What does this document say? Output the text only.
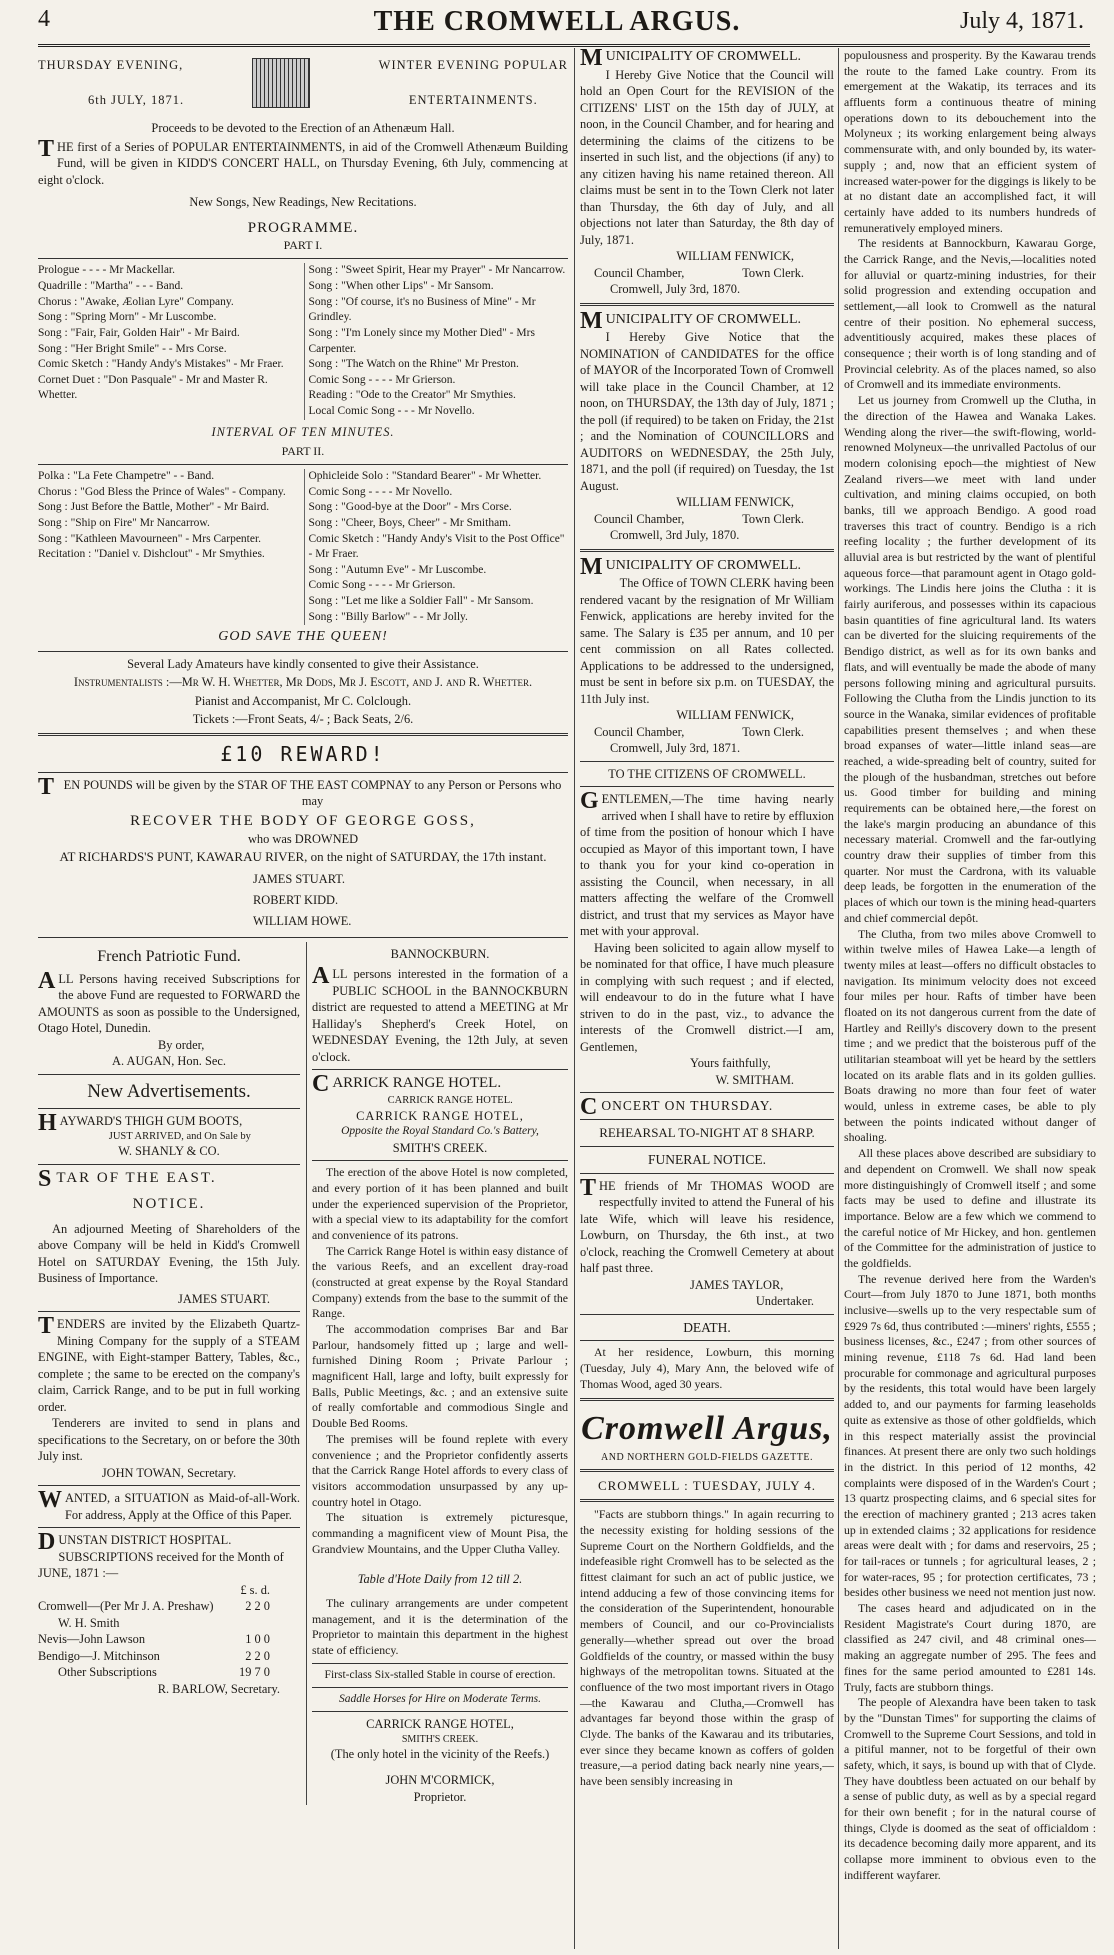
4	THE CROMWELL ARGUS.	July 4, 1871.
THURSDAY EVENING,
6th JULY, 1871.
WINTER EVENING POPULAR
ENTERTAINMENTS.
Proceeds to be devoted to the Erection of an Athenæum Hall.
THE first of a Series of POPULAR ENTERTAINMENTS, in aid of the Cromwell Athenæum Building Fund, will be given in KIDD'S CONCERT HALL, on Thursday Evening, 6th July, commencing at eight o'clock.
New Songs, New Readings, New Recitations.
PROGRAMME.
PART I.
Prologue - - - - Mr Mackellar.
Quadrille : "Martha" - - - Band.
Chorus : "Awake, Æolian Lyre" Company.
Song : "Spring Morn" - Mr Luscombe.
Song : "Fair, Fair, Golden Hair" - Mr Baird.
Song : "Her Bright Smile" - - Mrs Corse.
Comic Sketch : "Handy Andy's Mistakes" - Mr Fraer.
Cornet Duet : "Don Pasquale" - Mr and Master R. Whetter.
Song : "Sweet Spirit, Hear my Prayer" - Mr Nancarrow.
Song : "When other Lips" - Mr Sansom.
Song : "Of course, it's no Business of Mine" - Mr Grindley.
Song : "I'm Lonely since my Mother Died" - Mrs Carpenter.
Song : "The Watch on the Rhine" Mr Preston.
Comic Song - - - - Mr Grierson.
Reading : "Ode to the Creator" Mr Smythies.
Local Comic Song - - - Mr Novello.
INTERVAL OF TEN MINUTES.
PART II.
Polka : "La Fete Champetre" - - Band.
Chorus : "God Bless the Prince of Wales" - Company.
Song : Just Before the Battle, Mother" - Mr Baird.
Song : "Ship on Fire" Mr Nancarrow.
Song : "Kathleen Mavourneen" - Mrs Carpenter.
Recitation : "Daniel v. Dishclout" - Mr Smythies.
Ophicleide Solo : "Standard Bearer" - Mr Whetter.
Comic Song - - - - Mr Novello.
Song : "Good-bye at the Door" - Mrs Corse.
Song : "Cheer, Boys, Cheer" - Mr Smitham.
Comic Sketch : "Handy Andy's Visit to the Post Office" - Mr Fraer.
Song : "Autumn Eve" - Mr Luscombe.
Comic Song - - - - Mr Grierson.
Song : "Let me like a Soldier Fall" - Mr Sansom.
Song : "Billy Barlow" - - Mr Jolly.
GOD SAVE THE QUEEN!
Several Lady Amateurs have kindly consented to give their Assistance.
Instrumentalists :—Mr W. H. Whetter, Mr Dods, Mr J. Escott, and J. and R. Whetter.
Pianist and Accompanist, Mr C. Colclough.
Tickets :—Front Seats, 4/- ; Back Seats, 2/6.
£10 REWARD!
TEN POUNDS will be given by the STAR OF THE EAST COMPNAY to any Person or Persons who may
RECOVER THE BODY OF GEORGE GOSS,
who was DROWNED
AT RICHARDS'S PUNT, KAWARAU RIVER, on the night of SATURDAY, the 17th instant.
JAMES STUART.
ROBERT KIDD.
WILLIAM HOWE.
French Patriotic Fund.
ALL Persons having received Subscriptions for the above Fund are requested to FORWARD the AMOUNTS as soon as possible to the Undersigned, Otago Hotel, Dunedin.
By order,
A. AUGAN, Hon. Sec.
New Advertisements.
HAYWARD'S THIGH GUM BOOTS,
JUST ARRIVED, and On Sale by
W. SHANLY & CO.
STAR OF THE EAST.
NOTICE.
An adjourned Meeting of Shareholders of the above Company will be held in Kidd's Cromwell Hotel on SATURDAY Evening, the 15th July. Business of Importance.
JAMES STUART.
TENDERS are invited by the Elizabeth Quartz-Mining Company for the supply of a STEAM ENGINE, with Eight-stamper Battery, Tables, &c., complete ; the same to be erected on the company's claim, Carrick Range, and to be put in full working order.
Tenderers are invited to send in plans and specifications to the Secretary, on or before the 30th July inst.
JOHN TOWAN, Secretary.
WANTED, a SITUATION as Maid-of-all-Work. For address, Apply at the Office of this Paper.
DUNSTAN DISTRICT HOSPITAL.
SUBSCRIPTIONS received for the Month of JUNE, 1871 :—
£ s. d.
Cromwell—(Per Mr J. A. Preshaw)	2 2 0
W. H. Smith
Nevis—John Lawson	1 0 0
Bendigo—J. Mitchinson	2 2 0
Other Subscriptions	19 7 0
R. BARLOW, Secretary.
BANNOCKBURN.
ALL persons interested in the formation of a PUBLIC SCHOOL in the BANNOCKBURN district are requested to attend a MEETING at Mr Halliday's Shepherd's Creek Hotel, on WEDNESDAY Evening, the 12th July, at seven o'clock.
CARRICK RANGE HOTEL.
CARRICK RANGE HOTEL.
CARRICK RANGE HOTEL,
Opposite the Royal Standard Co.'s Battery,
SMITH'S CREEK.
The erection of the above Hotel is now completed, and every portion of it has been planned and built under the experienced supervision of the Proprietor, with a special view to its adaptability for the comfort and convenience of its patrons.
The Carrick Range Hotel is within easy distance of the various Reefs, and an excellent dray-road (constructed at great expense by the Royal Standard Company) extends from the base to the summit of the Range.
The accommodation comprises Bar and Bar Parlour, handsomely fitted up ; large and well-furnished Dining Room ; Private Parlour ; magnificent Hall, large and lofty, built expressly for Balls, Public Meetings, &c. ; and an extensive suite of really comfortable and commodious Single and Double Bed Rooms.
The premises will be found replete with every convenience ; and the Proprietor confidently asserts that the Carrick Range Hotel affords to every class of visitors accommodation unsurpassed by any up-country hotel in Otago.
The situation is extremely picturesque, commanding a magnificent view of Mount Pisa, the Grandview Mountains, and the Upper Clutha Valley.
Table d'Hote Daily from 12 till 2.
The culinary arrangements are under competent management, and it is the determination of the Proprietor to maintain this department in the highest state of efficiency.
First-class Six-stalled Stable in course of erection.
Saddle Horses for Hire on Moderate Terms.
CARRICK RANGE HOTEL,
SMITH'S CREEK.
(The only hotel in the vicinity of the Reefs.)
JOHN M'CORMICK,
Proprietor.
MUNICIPALITY OF CROMWELL.
I Hereby Give Notice that the Council will hold an Open Court for the REVISION of the CITIZENS' LIST on the 15th day of JULY, at noon, in the Council Chamber, and for hearing and determining the claims of the citizens to be inserted in such list, and the objections (if any) to any citizen having his name retained thereon. All claims must be sent in to the Town Clerk not later than Thursday, the 6th day of July, and all objections not later than Saturday, the 8th day of July, 1871.
WILLIAM FENWICK,
Council Chamber,	Town Clerk.
Cromwell, July 3rd, 1870.
MUNICIPALITY OF CROMWELL.
I Hereby Give Notice that the NOMINATION of CANDIDATES for the office of MAYOR of the Incorporated Town of Cromwell will take place in the Council Chamber, at 12 noon, on THURSDAY, the 13th day of July, 1871 ; the poll (if required) to be taken on Friday, the 21st ; and the Nomination of COUNCILLORS and AUDITORS on WEDNESDAY, the 25th July, 1871, and the poll (if required) on Tuesday, the 1st August.
WILLIAM FENWICK,
Council Chamber,	Town Clerk.
Cromwell, 3rd July, 1870.
MUNICIPALITY OF CROMWELL.
The Office of TOWN CLERK having been rendered vacant by the resignation of Mr William Fenwick, applications are hereby invited for the same. The Salary is £35 per annum, and 10 per cent commission on all Rates collected. Applications to be addressed to the undersigned, must be sent in before six p.m. on TUESDAY, the 11th July inst.
WILLIAM FENWICK,
Council Chamber,	Town Clerk.
Cromwell, July 3rd, 1871.
TO THE CITIZENS OF CROMWELL.
GENTLEMEN,—The time having nearly arrived when I shall have to retire by effluxion of time from the position of honour which I have occupied as Mayor of this important town, I have to thank you for your kind co-operation in assisting the Council, when necessary, in all matters affecting the welfare of the Cromwell district, and trust that my services as Mayor have met with your approval.
Having been solicited to again allow myself to be nominated for that office, I have much pleasure in complying with such request ; and if elected, will endeavour to do in the future what I have striven to do in the past, viz., to advance the interests of the Cromwell district.—I am, Gentlemen,
Yours faithfully,
W. SMITHAM.
CONCERT ON THURSDAY.
REHEARSAL TO-NIGHT AT 8 SHARP.
FUNERAL NOTICE.
THE friends of Mr THOMAS WOOD are respectfully invited to attend the Funeral of his late Wife, which will leave his residence, Lowburn, on Thursday, the 6th inst., at two o'clock, reaching the Cromwell Cemetery at about half past three.
JAMES TAYLOR,
Undertaker.
DEATH.
At her residence, Lowburn, this morning (Tuesday, July 4), Mary Ann, the beloved wife of Thomas Wood, aged 30 years.
Cromwell Argus,
AND NORTHERN GOLD-FIELDS GAZETTE.
CROMWELL : TUESDAY, JULY 4.
"Facts are stubborn things." In again recurring to the necessity existing for holding sessions of the Supreme Court on the Northern Goldfields, and the indefeasible right Cromwell has to be selected as the fittest claimant for such an act of public justice, we intend adducing a few of those convincing items for the consideration of the Superintendent, honourable members of Council, and our co-Provincialists generally—whether spread out over the broad Goldfields of the country, or massed within the busy highways of the metropolitan towns. Situated at the confluence of the two most important rivers in Otago—the Kawarau and Clutha,—Cromwell has advantages far beyond those within the grasp of Clyde. The banks of the Kawarau and its tributaries, ever since they became known as coffers of golden treasure,—a period dating back nearly nine years,—have been sensibly increasing in
populousness and prosperity. By the Kawarau trends the route to the famed Lake country. From its emergement at the Wakatip, its terraces and its affluents form a continuous theatre of mining operations down to its debouchement into the Molyneux ; its working enlargement being always commensurate with, and only bounded by, its water-supply ; and, now that an efficient system of increased water-power for the diggings is likely to be at no distant date an accomplished fact, it will certainly have added to its numbers hundreds of remuneratively employed miners.
The residents at Bannockburn, Kawarau Gorge, the Carrick Range, and the Nevis,—localities noted for alluvial or quartz-mining industries, for their solid progression and extending occupation and settlement,—all look to Cromwell as the natural centre of their position. No ephemeral success, adventitiously acquired, makes these places of consequence ; their worth is of long standing and of Provincial celebrity. As of the places named, so also of Cromwell and its immediate environments.
Let us journey from Cromwell up the Clutha, in the direction of the Hawea and Wanaka Lakes. Wending along the river—the swift-flowing, world-renowned Molyneux—the unrivalled Pactolus of our modern colonising epoch—the mightiest of New Zealand rivers—we meet with land under cultivation, and mining claims occupied, on both banks, till we approach Bendigo. A good road traverses this tract of country. Bendigo is a rich reefing locality ; the further development of its alluvial area is but restricted by the want of plentiful aqueous force—that paramount agent in Otago gold-workings. The Lindis here joins the Clutha : it is fairly auriferous, and possesses within its capacious basin quantities of fine agricultural land. Its waters can be diverted for the sluicing requirements of the Bendigo district, as well as for its own banks and flats, and will eventually be made the abode of many persons following mining and agricultural pursuits. Following the Clutha from the Lindis junction to its source in the Wanaka, similar evidences of profitable capabilities present themselves ; and when these broad expanses of water—little inland seas—are reached, a wide-spreading belt of country, suited for the plough of the husbandman, stretches out before us. Good timber for building and mining requirements can be obtained here,—the forest on the lake's margin producing an abundance of this necessary material. Cromwell and the far-outlying country draw their supplies of timber from this quarter. Nor must the Cardrona, with its valuable deep leads, be forgotten in the enumeration of the places of which our town is the mining head-quarters and chief commercial depôt.
The Clutha, from two miles above Cromwell to within twelve miles of Hawea Lake—a length of twenty miles at least—offers no difficult obstacles to navigation. Its minimum velocity does not exceed four miles per hour. Rafts of timber have been floated on its not dangerous current from the date of Hartley and Reilly's discovery down to the present time ; and we predict that the boisterous puff of the utilitarian steamboat will yet be heard by the settlers located on its arable flats and in its golden gullies. Boats drawing no more than four feet of water would, unless in extreme cases, be able to ply between the points indicated without danger of shoaling.
All these places above described are subsidiary to and dependent on Cromwell. We shall now speak more distinguishingly of Cromwell itself ; and some facts may be used to define and illustrate its importance. Below are a few which we commend to the careful notice of Mr Hickey, and hon. gentlemen of the Committee for the administration of justice to the goldfields.
The revenue derived here from the Warden's Court—from July 1870 to June 1871, both months inclusive—swells up to the very respectable sum of £929 7s 6d, thus contributed :—miners' rights, £555 ; business licenses, &c., £247 ; from other sources of mining revenue, £118 7s 6d. Had land been procurable for commonage and agricultural purposes by the residents, this total would have been largely added to, and our payments for farming leaseholds quite as extensive as those of other goldfields, which in this respect materially assist the provincial finances. At present there are only two such holdings in the district. In this period of 12 months, 42 complaints were disposed of in the Warden's Court ; 13 quartz prospecting claims, and 6 special sites for the erection of machinery granted ; 213 acres taken up in extended claims ; 32 applications for residence areas were dealt with ; for dams and reservoirs, 25 ; for tail-races or tunnels ; for agricultural leases, 2 ; for water-races, 95 ; for protection certificates, 73 ; besides other business we need not mention just now.
The cases heard and adjudicated on in the Resident Magistrate's Court during 1870, are classified as 247 civil, and 48 criminal ones—making an aggregate number of 295. The fees and fines for the same period amounted to £281 14s. Truly, facts are stubborn things.
The people of Alexandra have been taken to task by the "Dunstan Times" for supporting the claims of Cromwell to the Supreme Court Sessions, and told in a pitiful manner, not to be forgetful of their own safety, which, it says, is bound up with that of Clyde. They have doubtless been actuated on our behalf by a sense of public duty, as well as by a special regard for their own benefit ; for in the natural course of things, Clyde is doomed as the seat of officialdom : its decadence becoming daily more apparent, and its collapse more imminent to obvious even to the indifferent wayfarer.
